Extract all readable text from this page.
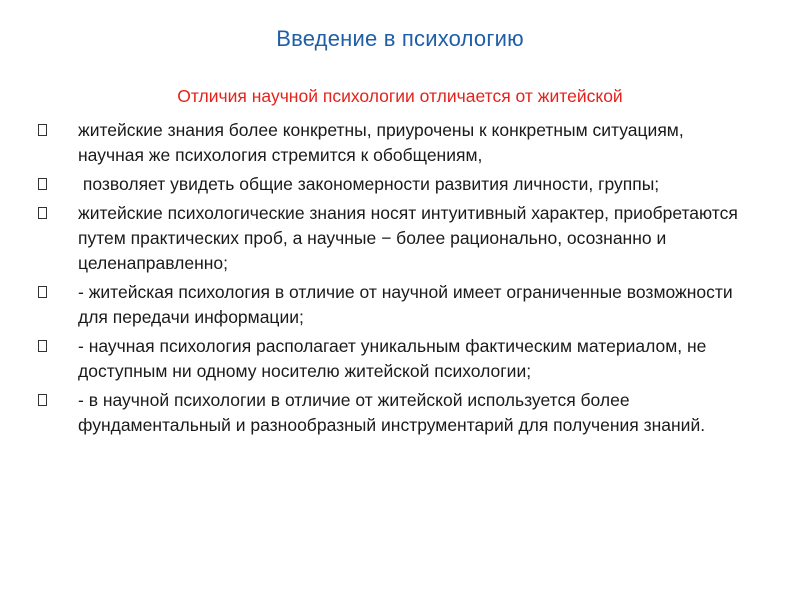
Введение в психологию
Отличия научной психологии отличается от житейской
житейские знания более конкретны, приурочены к конкретным ситуациям, научная же психология стремится к обобщениям,
позволяет увидеть общие закономерности развития личности, группы;
житейские психологические знания носят интуитивный характер, приобретаются путем практических проб, а научные − более рационально, осознанно и целенаправленно;
- житейская психология в отличие от научной имеет ограниченные возможности для передачи информации;
- научная психология располагает уникальным фактическим материалом, не доступным ни одному носителю житейской психологии;
- в научной психологии в отличие от житейской используется более фундаментальный и разнообразный инструментарий для получения знаний.
